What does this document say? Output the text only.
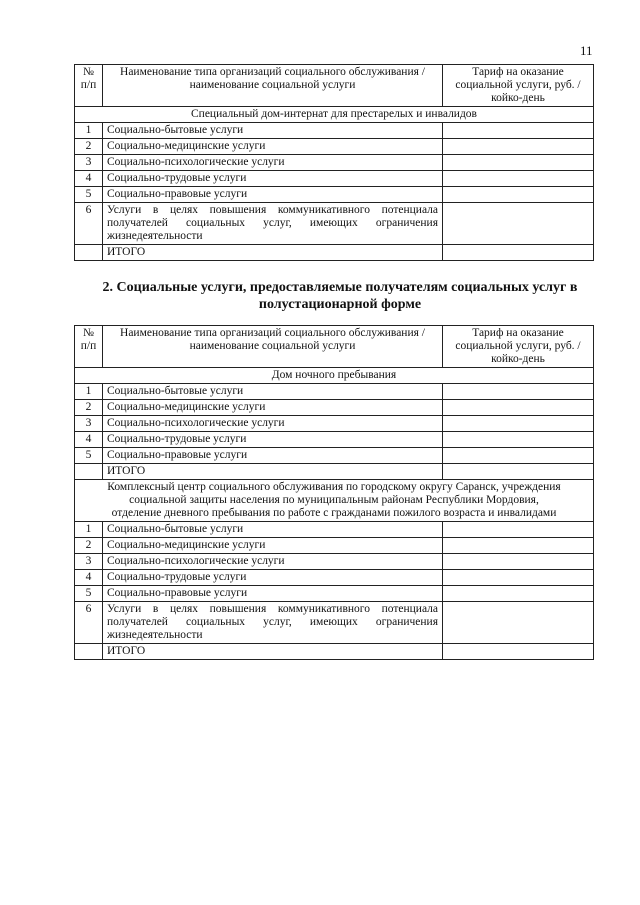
11
№ п/п	Наименование типа организаций социального обслуживания / наименование социальной услуги	Тариф на оказание социальной услуги, руб. / койко-день
Специальный дом-интернат для престарелых и инвалидов		
1	Социально-бытовые услуги	
2	Социально-медицинские услуги	
3	Социально-психологические услуги	
4	Социально-трудовые услуги	
5	Социально-правовые услуги	
6	Услуги в целях повышения коммуникативного потенциала получателей социальных услуг, имеющих ограничения жизнедеятельности	
	ИТОГО	
2. Социальные услуги, предоставляемые получателям социальных услуг в полустационарной форме
№ п/п	Наименование типа организаций социального обслуживания / наименование социальной услуги	Тариф на оказание социальной услуги, руб. / койко-день
Дом ночного пребывания		
1	Социально-бытовые услуги	
2	Социально-медицинские услуги	
3	Социально-психологические услуги	
4	Социально-трудовые услуги	
5	Социально-правовые услуги	
	ИТОГО	

Комплексный центр социального обслуживания по городскому округу Саранск, учреждения социальной защиты населения по муниципальным районам Республики Мордовия,
отделение дневного пребывания по работе с гражданами пожилого возраста и инвалидами		

1	Социально-бытовые услуги	
2	Социально-медицинские услуги	
3	Социально-психологические услуги	
4	Социально-трудовые услуги	
5	Социально-правовые услуги	
6	Услуги в целях повышения коммуникативного потенциала получателей социальных услуг, имеющих ограничения жизнедеятельности	
	ИТОГО	
